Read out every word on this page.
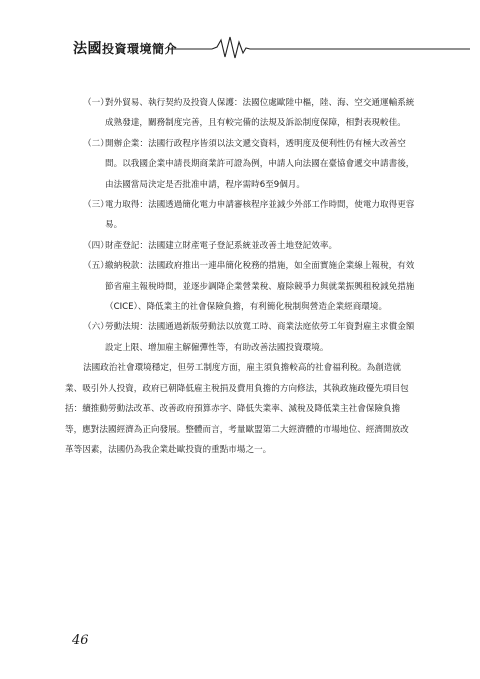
法國投資環境簡介
（一）
對外貿易、執行契約及投資人保護：法國位處歐陸中樞，陸、海、空交通運輸系統成熟發達，關務制度完善，且有較完備的法規及訴訟制度保障，相對表現較佳。
（二）
開辦企業：法國行政程序皆須以法文遞交資料，透明度及便利性仍有極大改善空間。以我國企業申請長期商業許可證為例，申請人向法國在臺協會遞交申請書後，由法國當局決定是否批准申請，程序需時6至9個月。
（三）
電力取得：法國透過簡化電力申請審核程序並減少外部工作時間，使電力取得更容易。
（四）
財產登記：法國建立財產電子登記系統並改善土地登記效率。
（五）
繳納稅款：法國政府推出一連串簡化稅務的措施，如全面實施企業線上報稅，有效節省雇主報稅時間，並逐步調降企業營業稅、廢除競爭力與就業振興租稅減免措施（CICE）、降低業主的社會保險負擔，有利簡化稅制與營造企業經商環境。
（六）
勞動法規：法國通過新版勞動法以放寬工時、商業法庭依勞工年資對雇主求償金額設定上限、增加雇主解僱彈性等，有助改善法國投資環境。

法國政治社會環境穩定，但勞工制度方面，雇主須負擔較高的社會福利稅。為創造就業、吸引外人投資，政府已朝降低雇主稅捐及費用負擔的方向修法，其執政施政優先項目包括：續推動勞動法改革、改善政府預算赤字、降低失業率、減稅及降低業主社會保險負擔等，應對法國經濟為正向發展。整體而言，考量歐盟第二大經濟體的市場地位、經濟開放改革等因素，法國仍為我企業赴歐投資的重點市場之一。

46
